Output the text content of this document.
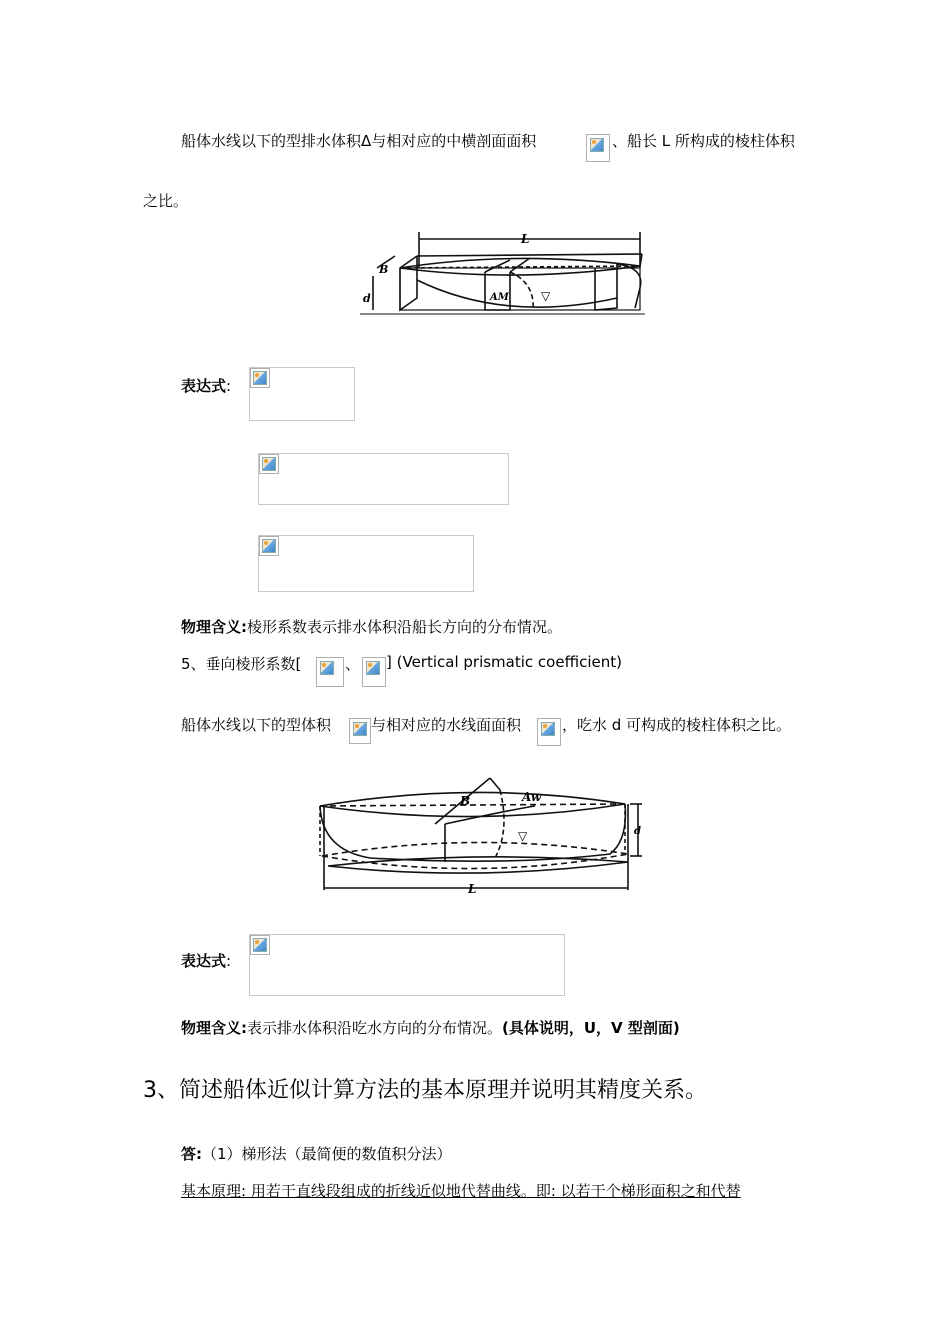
船体水线以下的型排水体积Δ与相对应的中横剖面面积	、船长 L 所构成的棱柱体积
之比。
L
B
d	AM	▽
表达式:
物理含义:棱形系数表示排水体积沿船长方向的分布情况。
5、垂向棱形系数[	、 ] (Vertical prismatic coefficient)
船体水线以下的型体积	与相对应的水线面面积	，吃水 d 可构成的棱柱体积之比。
B	Aw
▽
L
d
表达式:
物理含义:表示排水体积沿吃水方向的分布情况。(具体说明，U，V 型剖面)
3、简述船体近似计算方法的基本原理并说明其精度关系。
答:（1）梯形法（最简便的数值积分法）
基本原理: 用若干直线段组成的折线近似地代替曲线。即: 以若干个梯形面积之和代替
